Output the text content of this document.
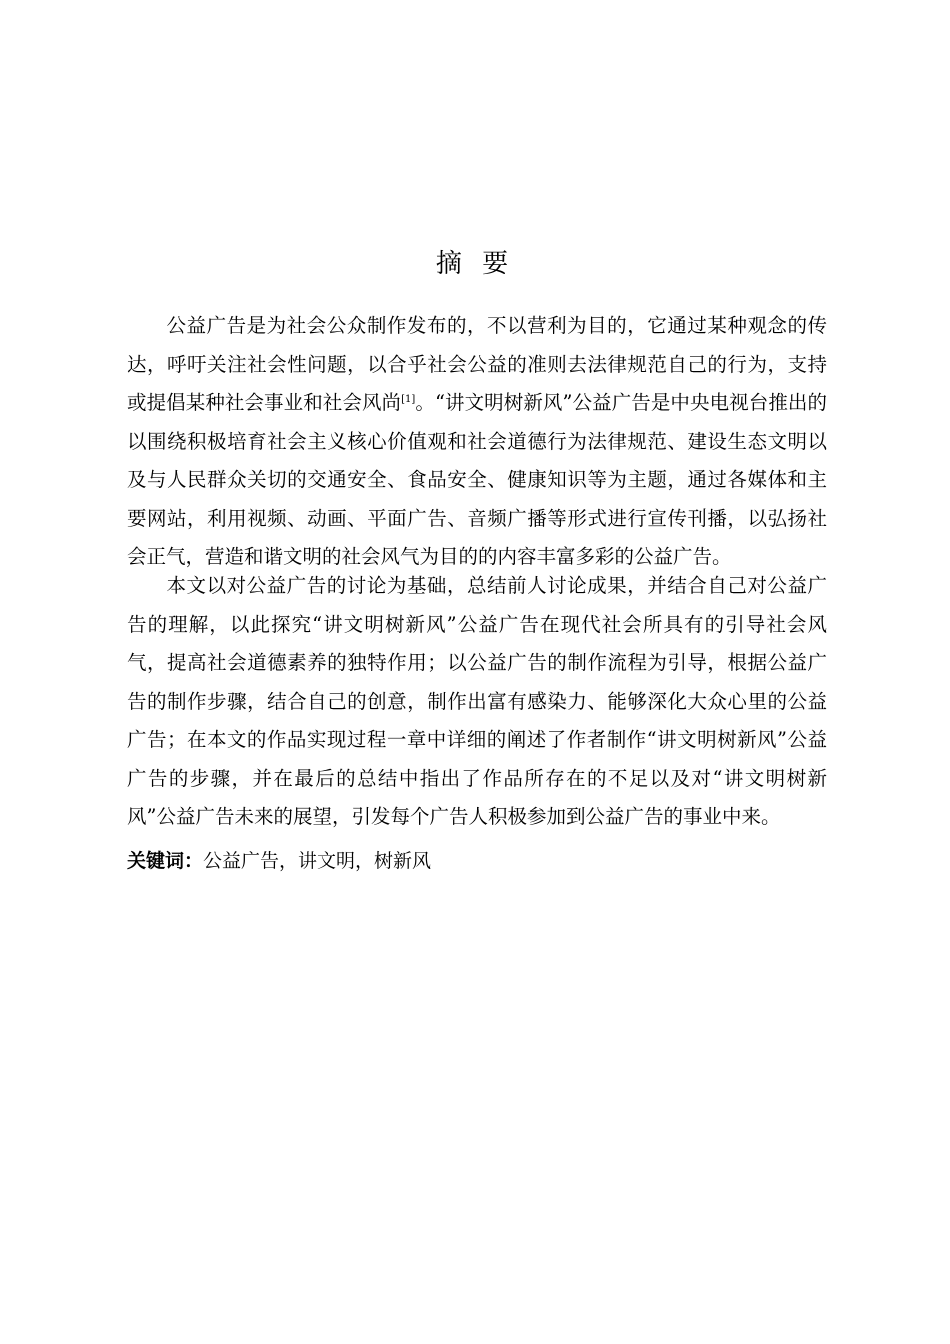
摘 要

公益广告是为社会公众制作发布的，不以营利为目的，它通过某种观念的传达，呼吁关注社会性问题，以合乎社会公益的准则去法律规范自己的行为，支持或提倡某种社会事业和社会风尚[1]。“讲文明树新风”公益广告是中央电视台推出的以围绕积极培育社会主义核心价值观和社会道德行为法律规范、建设生态文明以及与人民群众关切的交通安全、食品安全、健康知识等为主题，通过各媒体和主要网站，利用视频、动画、平面广告、音频广播等形式进行宣传刊播，以弘扬社会正气，营造和谐文明的社会风气为目的的内容丰富多彩的公益广告。

本文以对公益广告的讨论为基础，总结前人讨论成果，并结合自己对公益广告的理解，以此探究“讲文明树新风”公益广告在现代社会所具有的引导社会风气，提高社会道德素养的独特作用；以公益广告的制作流程为引导，根据公益广告的制作步骤，结合自己的创意，制作出富有感染力、能够深化大众心里的公益广告；在本文的作品实现过程一章中详细的阐述了作者制作“讲文明树新风”公益广告的步骤，并在最后的总结中指出了作品所存在的不足以及对“讲文明树新风”公益广告未来的展望，引发每个广告人积极参加到公益广告的事业中来。

关键词：公益广告，讲文明，树新风
